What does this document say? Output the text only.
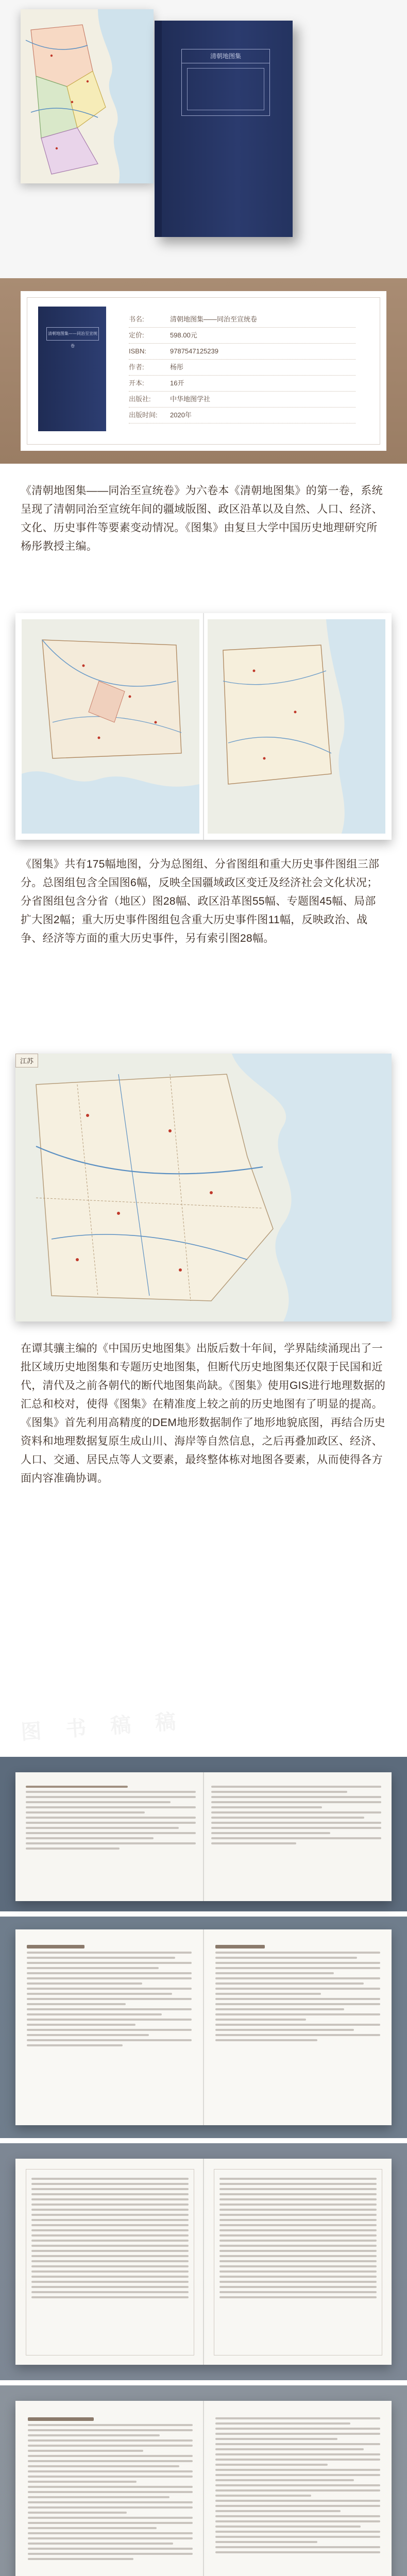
清朝地图集
清朝地图集——同治至宣统卷
书名:	清朝地图集——同治至宣统卷
定价:	598.00元
ISBN:	9787547125239
作者:	杨彤
开本:	16开
出版社:	中华地图学社
出版时间:	2020年

《清朝地图集——同治至宣统卷》为六卷本《清朝地图集》的第一卷，系统呈现了清朝同治至宣统年间的疆域版图、政区沿革以及自然、人口、经济、文化、历史事件等要素变动情况。《图集》由复旦大学中国历史地理研究所杨彤教授主编。

《图集》共有175幅地图，分为总图组、分省图组和重大历史事件图组三部分。总图组包含全国图6幅，反映全国疆域政区变迁及经济社会文化状况；分省图组包含分省（地区）图28幅、政区沿革图55幅、专题图45幅、局部扩大图2幅；重大历史事件图组包含重大历史事件图11幅，反映政治、战争、经济等方面的重大历史事件，另有索引图28幅。

江苏

在谭其骧主编的《中国历史地图集》出版后数十年间，学界陆续涌现出了一批区域历史地图集和专题历史地图集，但断代历史地图集还仅限于民国和近代，清代及之前各朝代的断代地图集尚缺。《图集》使用GIS进行地理数据的汇总和校对，使得《图集》在精准度上较之前的历史地图有了明显的提高。《图集》首先利用高精度的DEM地形数据制作了地形地貌底图，再结合历史资料和地理数据复原生成山川、海岸等自然信息，之后再叠加政区、经济、人口、交通、居民点等人文要素，最终整体栋对地图各要素，从而使得各方面内容准确协调。

图 书 稿 稿
